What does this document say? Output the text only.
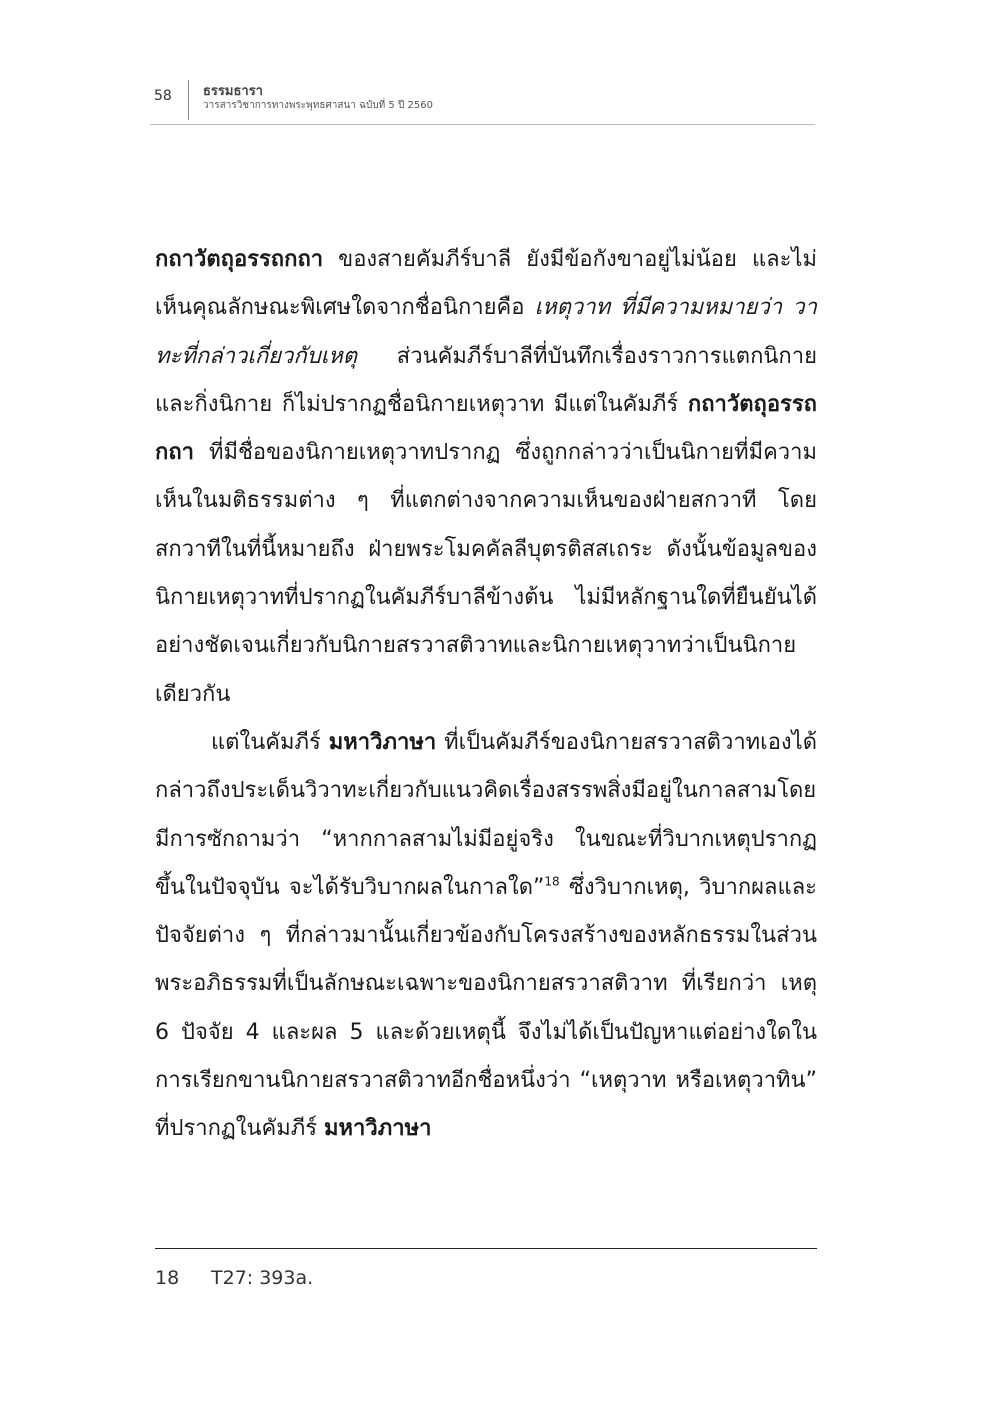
58 ธรรมธารา
วารสารวิชาการทางพระพุทธศาสนา ฉบับที่ 5 ปี 2560

กถาวัตถุอรรถกถา ของสายคัมภีร์บาลี ยังมีข้อกังขาอยู่ไม่น้อย และไม่เห็นคุณลักษณะพิเศษใดจากชื่อนิกายคือ เหตุวาท ที่มีความหมายว่า วาทะที่กล่าวเกี่ยวกับเหตุ ส่วนคัมภีร์บาลีที่บันทึกเรื่องราวการแตกนิกายและกิ่งนิกาย ก็ไม่ปรากฏชื่อนิกายเหตุวาท มีแต่ในคัมภีร์ กถาวัตถุอรรถกถา ที่มีชื่อของนิกายเหตุวาทปรากฏ ซึ่งถูกกล่าวว่าเป็นนิกายที่มีความเห็นในมติธรรมต่าง ๆ ที่แตกต่างจากความเห็นของฝ่ายสกวาที โดยสกวาทีในที่นี้หมายถึง ฝ่ายพระโมคคัลลีบุตรติสสเถระ ดังนั้นข้อมูลของนิกายเหตุวาทที่ปรากฏในคัมภีร์บาลีข้างต้น ไม่มีหลักฐานใดที่ยืนยันได้อย่างชัดเจนเกี่ยวกับนิกายสรวาสติวาทและนิกายเหตุวาทว่าเป็นนิกายเดียวกัน

แต่ในคัมภีร์ มหาวิภาษา ที่เป็นคัมภีร์ของนิกายสรวาสติวาทเองได้กล่าวถึงประเด็นวิวาทะเกี่ยวกับแนวคิดเรื่องสรรพสิ่งมีอยู่ในกาลสามโดยมีการซักถามว่า “หากกาลสามไม่มีอยู่จริง ในขณะที่วิบากเหตุปรากฏขึ้นในปัจจุบัน จะได้รับวิบากผลในกาลใด”$^{18}$ ซึ่งวิบากเหตุ, วิบากผลและปัจจัยต่าง ๆ ที่กล่าวมานั้นเกี่ยวข้องกับโครงสร้างของหลักธรรมในส่วนพระอภิธรรมที่เป็นลักษณะเฉพาะของนิกายสรวาสติวาท ที่เรียกว่า เหตุ 6 ปัจจัย 4 และผล 5 และด้วยเหตุนี้ จึงไม่ได้เป็นปัญหาแต่อย่างใดในการเรียกขานนิกายสรวาสติวาทอีกชื่อหนึ่งว่า “เหตุวาท หรือเหตุวาทิน” ที่ปรากฏในคัมภีร์ มหาวิภาษา

18 T27: 393a.
